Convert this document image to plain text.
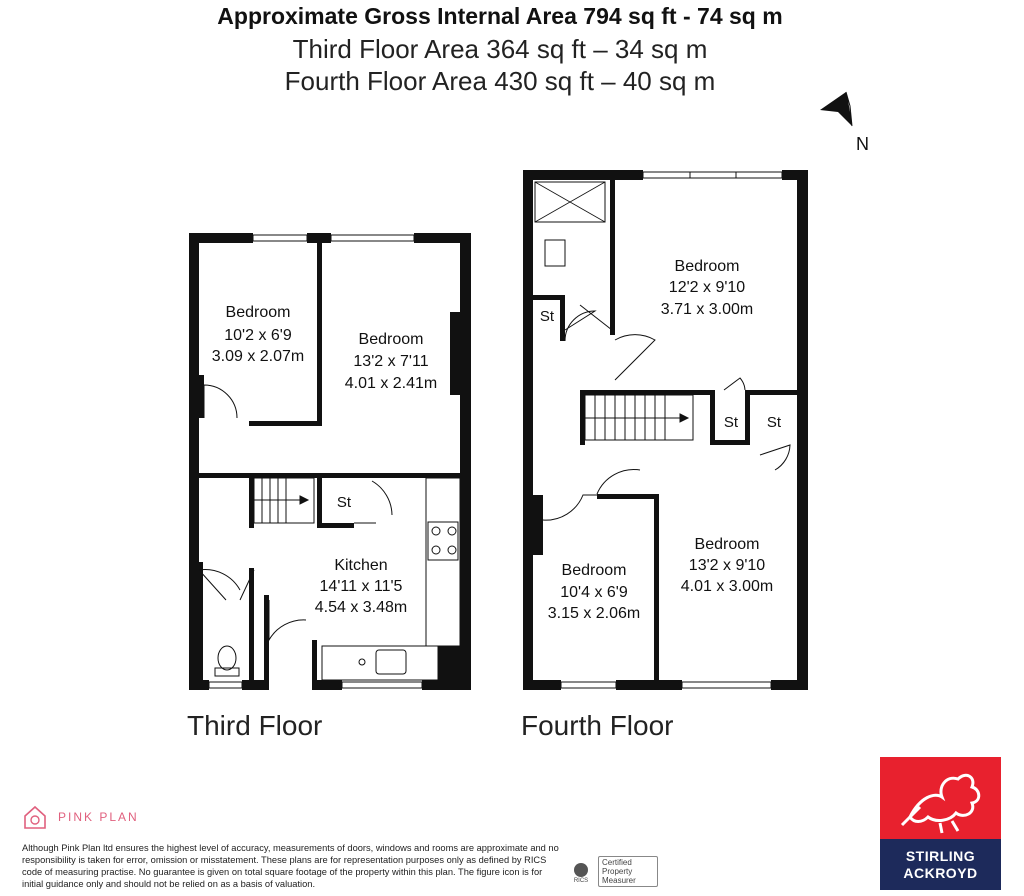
Approximate Gross Internal Area 794 sq ft - 74 sq m
Third Floor Area 364 sq ft – 34 sq m
Fourth Floor Area 430 sq ft – 40 sq m
N
Bedroom
10'2 x 6'9
3.09 x 2.07m
Bedroom
13'2 x 7'11
4.01 x 2.41m
St
Kitchen
14'11 x 11'5
4.54 x 3.48m
Bedroom
12'2 x 9'10
3.71 x 3.00m
St
St St
Bedroom
10'4 x 6'9
3.15 x 2.06m
Bedroom
13'2 x 9'10
4.01 x 3.00m
Third Floor	Fourth Floor
PINK PLAN
Although Pink Plan ltd ensures the highest level of accuracy, measurements of doors, windows and rooms are approximate and no responsibility is taken for error, omission or misstatement. These plans are for representation purposes only as defined by RICS code of measuring practise. No guarantee is given on total square footage of the property within this plan. The figure icon is for initial guidance only and should not be relied on as a basis of valuation.	RICS
Certified Property Measurer
STIRLING
ACKROYD
